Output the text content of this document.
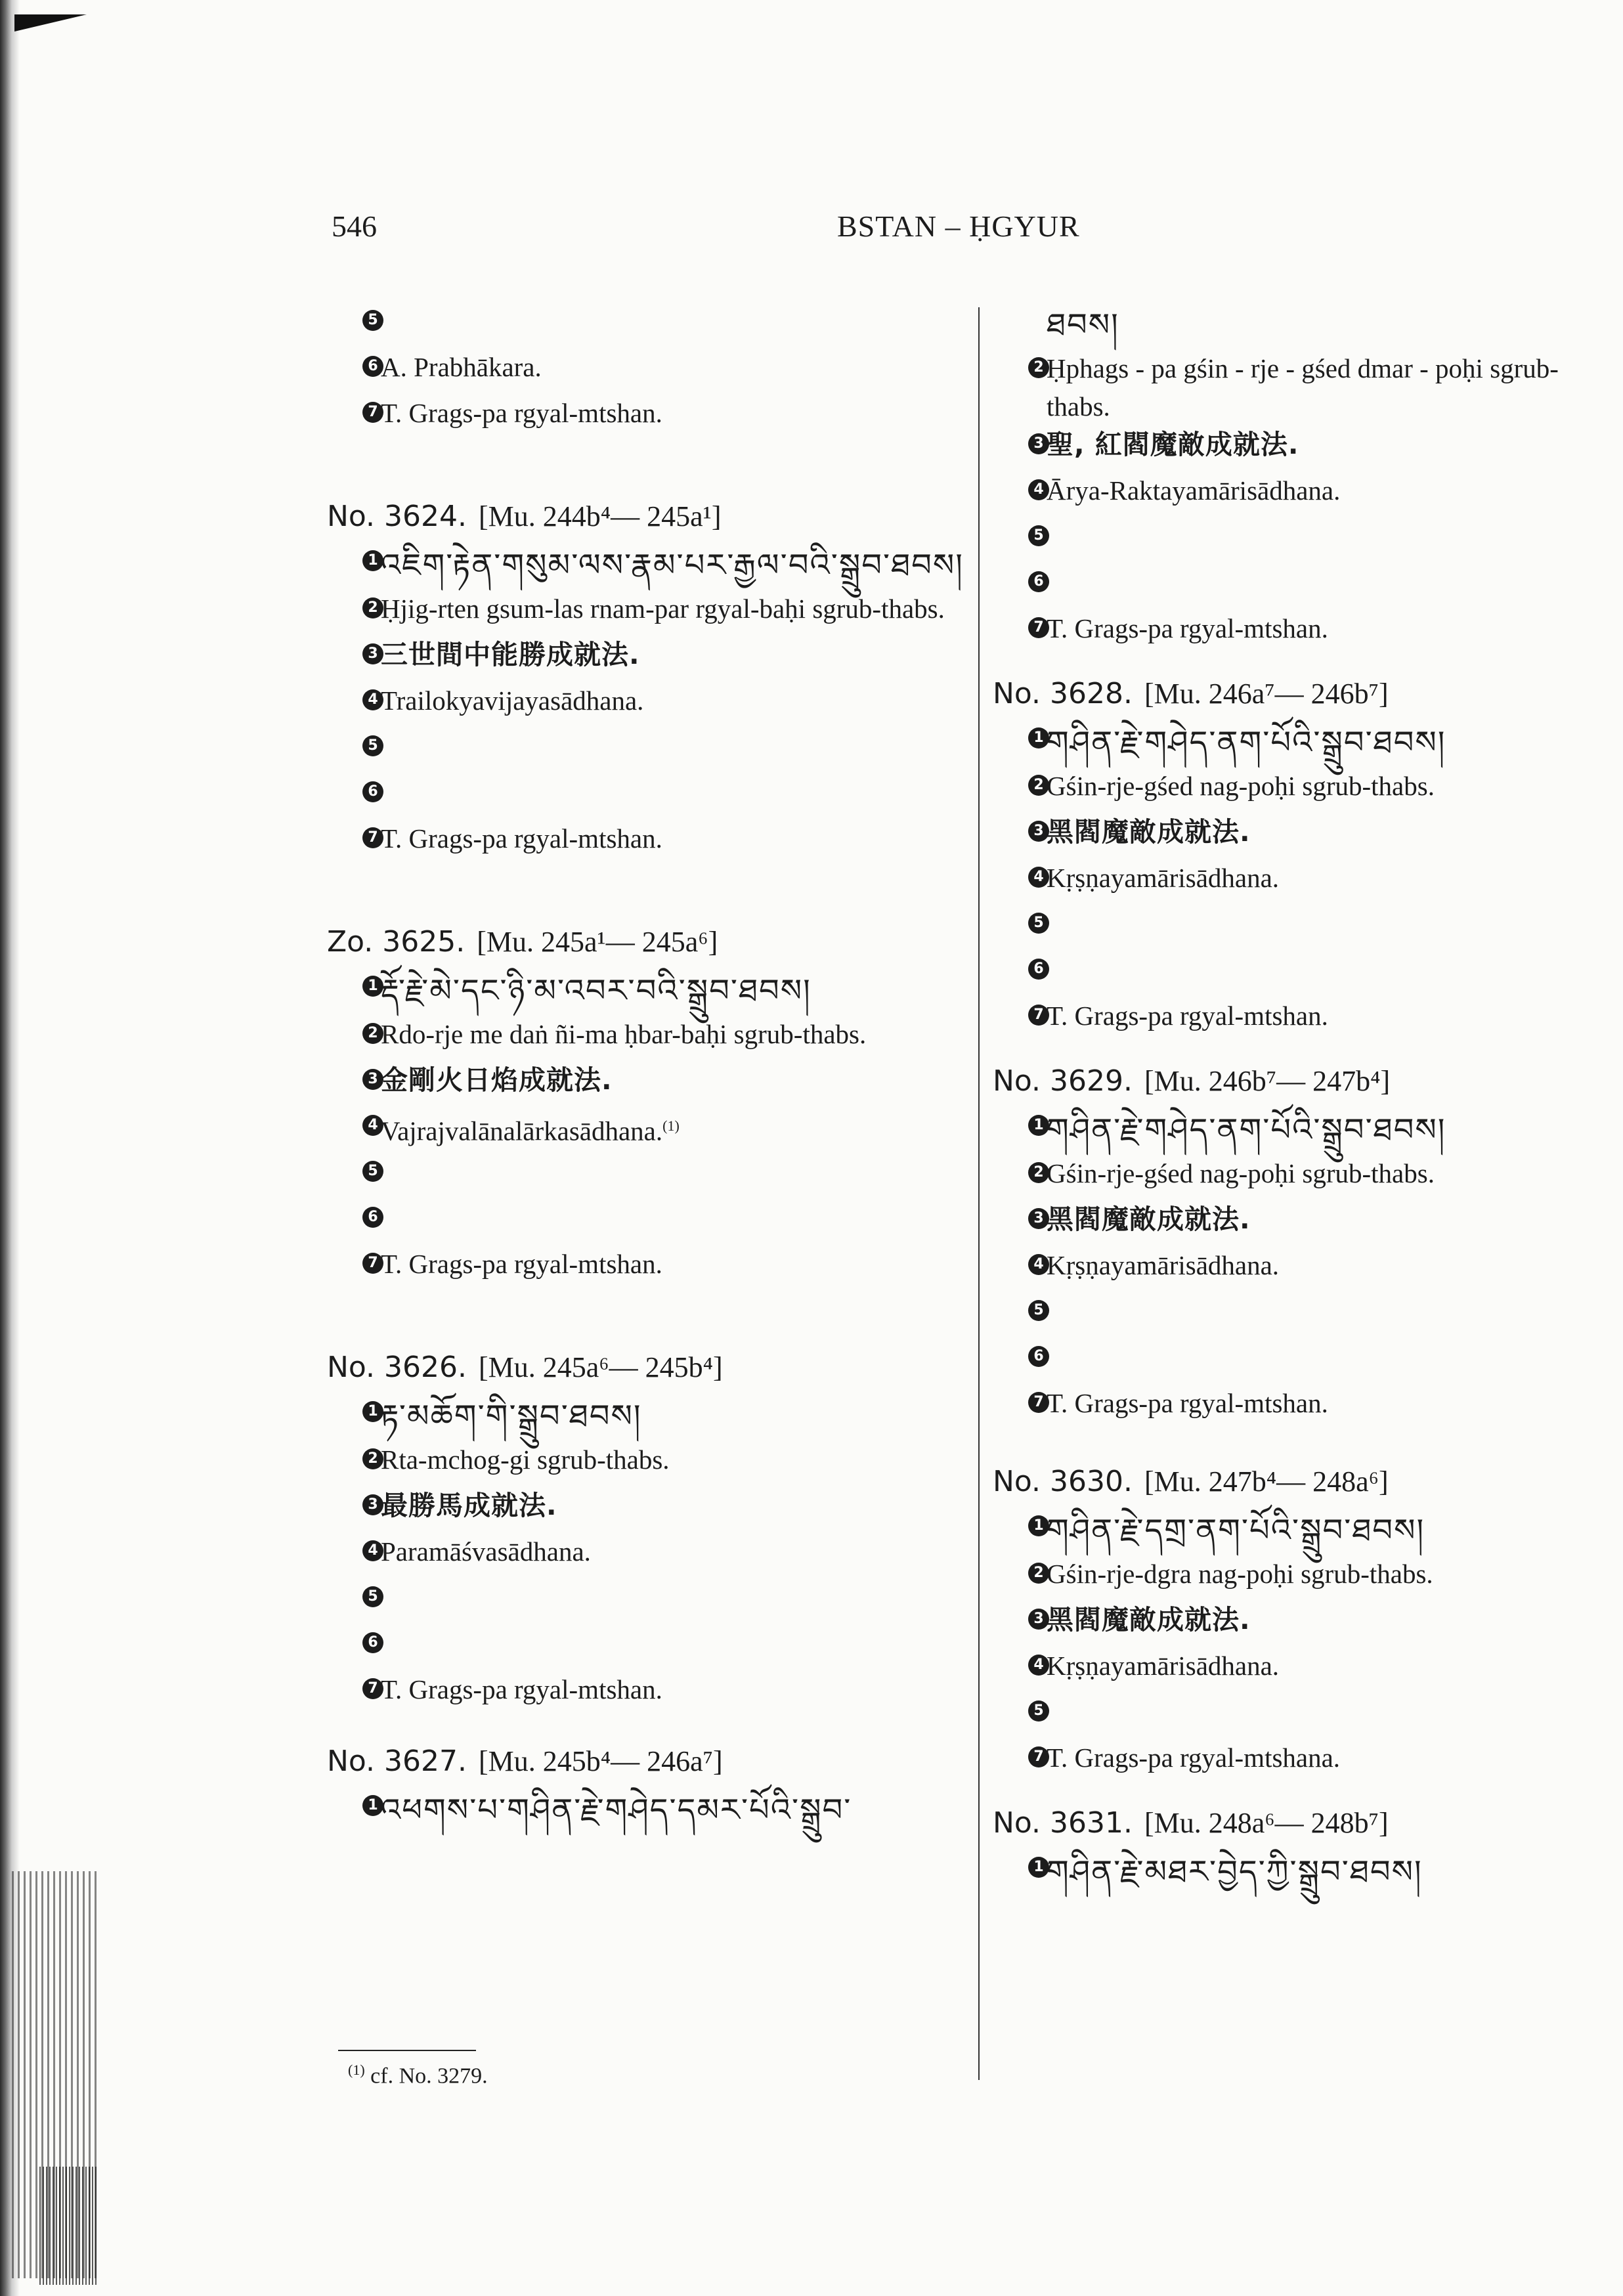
546	BSTAN – ḤGYUR
5
6 A. Prabhākara.
7 T. Grags-pa rgyal-mtshan.
No. 3624. [Mu. 244b⁴— 245a¹]
1 འཇིག་རྟེན་གསུམ་ལས་རྣམ་པར་རྒྱལ་བའི་སྒྲུབ་ཐབས།
2 Ḥjig-rten gsum-las rnam-par rgyal-baḥi sgrub-thabs.
3 三世間中能勝成就法.
4 Trailokyavijayasādhana.
5
6
7 T. Grags-pa rgyal-mtshan.
Zo. 3625. [Mu. 245a¹— 245a⁶]
1 རྡོ་རྗེ་མེ་དང་ཉི་མ་འབར་བའི་སྒྲུབ་ཐབས།
2 Rdo-rje me daṅ ñi-ma ḥbar-baḥi sgrub-thabs.
3 金剛火日焰成就法.
4 Vajrajvalānalārkasādhana.$^{(1)}$
5
6
7 T. Grags-pa rgyal-mtshan.
No. 3626. [Mu. 245a⁶— 245b⁴]
1 རྟ་མཆོག་གི་སྒྲུབ་ཐབས།
2 Rta-mchog-gi sgrub-thabs.
3 最勝馬成就法.
4 Paramāśvasādhana.
5
6
7 T. Grags-pa rgyal-mtshan.
No. 3627. [Mu. 245b⁴— 246a⁷]
1 འཕགས་པ་གཤིན་རྗེ་གཤེད་དམར་པོའི་སྒྲུབ་
ཐབས།
2 Ḥphags - pa gśin - rje - gśed dmar - poḥi sgrub-thabs.
3 聖, 紅閻魔敵成就法.
4 Ārya-Raktayamārisādhana.
5
6
7 T. Grags-pa rgyal-mtshan.
No. 3628. [Mu. 246a⁷— 246b⁷]
1 གཤིན་རྗེ་གཤེད་ནག་པོའི་སྒྲུབ་ཐབས།
2 Gśin-rje-gśed nag-poḥi sgrub-thabs.
3 黑閻魔敵成就法.
4 Kṛṣṇayamārisādhana.
5
6
7 T. Grags-pa rgyal-mtshan.
No. 3629. [Mu. 246b⁷— 247b⁴]
1 གཤིན་རྗེ་གཤེད་ནག་པོའི་སྒྲུབ་ཐབས།
2 Gśin-rje-gśed nag-poḥi sgrub-thabs.
3 黑閻魔敵成就法.
4 Kṛṣṇayamārisādhana.
5
6
7 T. Grags-pa rgyal-mtshan.
No. 3630. [Mu. 247b⁴— 248a⁶]
1 གཤིན་རྗེ་དགྲ་ནག་པོའི་སྒྲུབ་ཐབས།
2 Gśin-rje-dgra nag-poḥi sgrub-thabs.
3 黑閻魔敵成就法.
4 Kṛṣṇayamārisādhana.
5
7 T. Grags-pa rgyal-mtshana.
No. 3631. [Mu. 248a⁶— 248b⁷]
1 གཤིན་རྗེ་མཐར་བྱེད་ཀྱི་སྒྲུབ་ཐབས།
$^{(1)}$ cf. No. 3279.
